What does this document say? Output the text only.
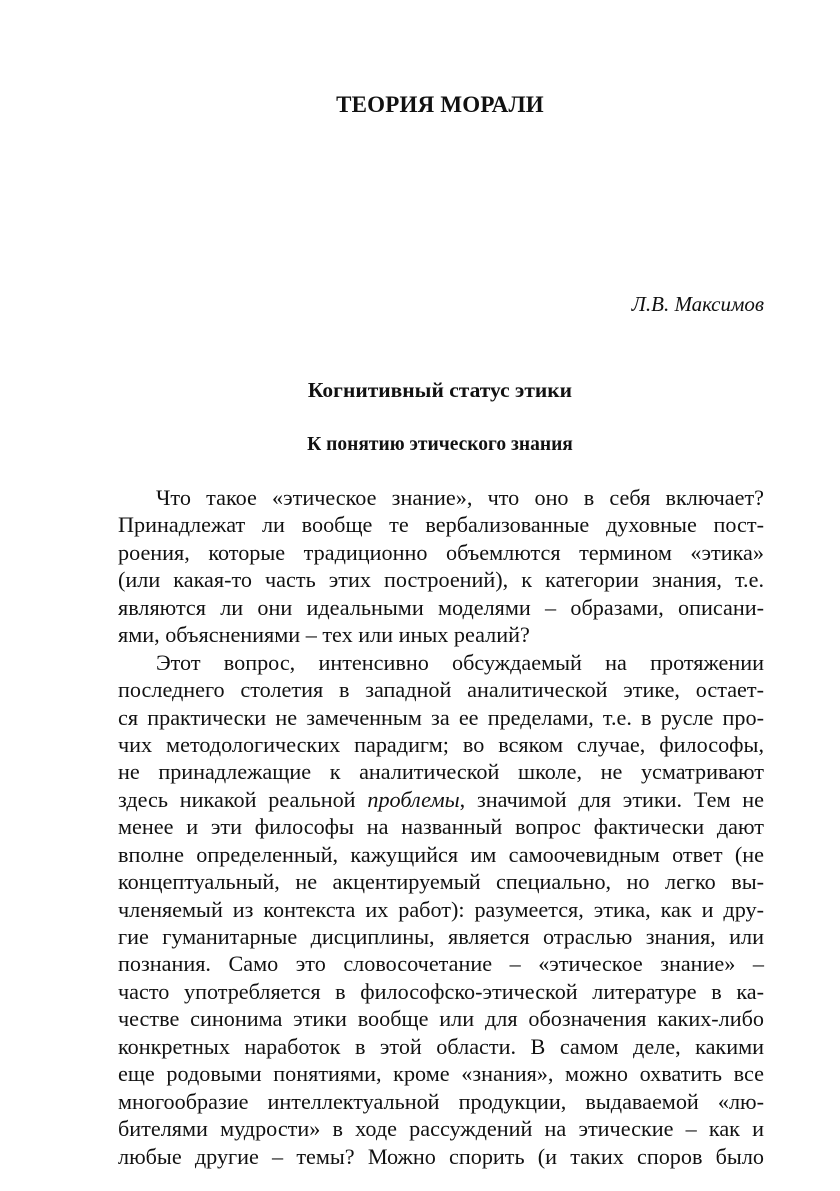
ТЕОРИЯ МОРАЛИ

Л.В. Максимов

Когнитивный статус этики
К понятию этического знания
Что такое «этическое знание», что оно в себя включает?
Принадлежат ли вообще те вербализованные духовные пост-
роения, которые традиционно объемлются термином «этика»
(или какая-то часть этих построений), к категории знания, т.е.
являются ли они идеальными моделями – образами, описани-
ями, объяснениями – тех или иных реалий?
Этот вопрос, интенсивно обсуждаемый на протяжении
последнего столетия в западной аналитической этике, остает-
ся практически не замеченным за ее пределами, т.е. в русле про-
чих методологических парадигм; во всяком случае, философы,
не принадлежащие к аналитической школе, не усматривают
здесь никакой реальной проблемы, значимой для этики. Тем не
менее и эти философы на названный вопрос фактически дают
вполне определенный, кажущийся им самоочевидным ответ (не
концептуальный, не акцентируемый специально, но легко вы-
членяемый из контекста их работ): разумеется, этика, как и дру-
гие гуманитарные дисциплины, является отраслью знания, или
познания. Само это словосочетание – «этическое знание» –
часто употребляется в философско-этической литературе в ка-
честве синонима этики вообще или для обозначения каких-либо
конкретных наработок в этой области. В самом деле, какими
еще родовыми понятиями, кроме «знания», можно охватить все
многообразие интеллектуальной продукции, выдаваемой «лю-
бителями мудрости» в ходе рассуждений на этические – как и
любые другие – темы? Можно спорить (и таких споров было
